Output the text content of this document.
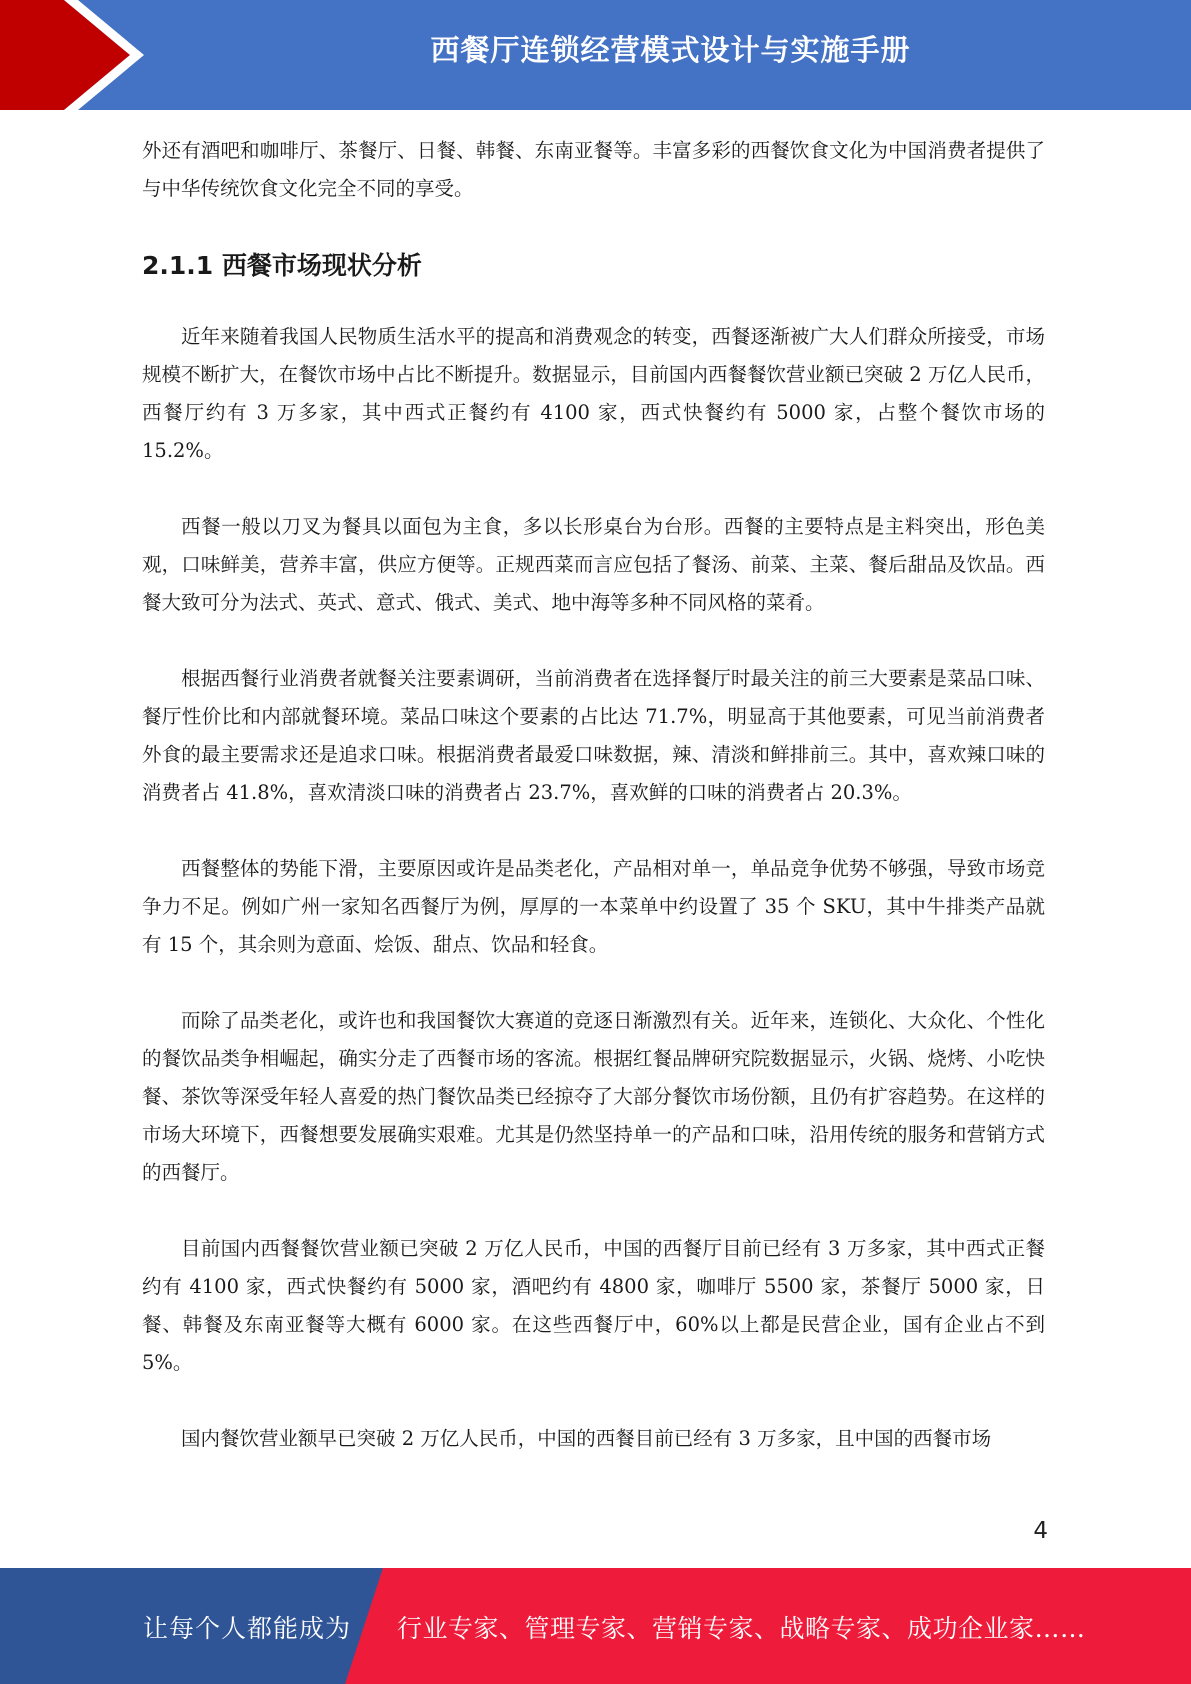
西餐厅连锁经营模式设计与实施手册

外还有酒吧和咖啡厅、茶餐厅、日餐、韩餐、东南亚餐等。丰富多彩的西餐饮食文化为中国消费者提供了与中华传统饮食文化完全不同的享受。

2.1.1 西餐市场现状分析

近年来随着我国人民物质生活水平的提高和消费观念的转变，西餐逐渐被广大人们群众所接受，市场规模不断扩大，在餐饮市场中占比不断提升。数据显示，目前国内西餐餐饮营业额已突破 2 万亿人民币，西餐厅约有 3 万多家，其中西式正餐约有 4100 家，西式快餐约有 5000 家，占整个餐饮市场的 15.2%。

西餐一般以刀叉为餐具以面包为主食，多以长形桌台为台形。西餐的主要特点是主料突出，形色美观，口味鲜美，营养丰富，供应方便等。正规西菜而言应包括了餐汤、前菜、主菜、餐后甜品及饮品。西餐大致可分为法式、英式、意式、俄式、美式、地中海等多种不同风格的菜肴。

根据西餐行业消费者就餐关注要素调研，当前消费者在选择餐厅时最关注的前三大要素是菜品口味、餐厅性价比和内部就餐环境。菜品口味这个要素的占比达 71.7%，明显高于其他要素，可见当前消费者外食的最主要需求还是追求口味。根据消费者最爱口味数据，辣、清淡和鲜排前三。其中，喜欢辣口味的消费者占 41.8%，喜欢清淡口味的消费者占 23.7%，喜欢鲜的口味的消费者占 20.3%。

西餐整体的势能下滑，主要原因或许是品类老化，产品相对单一，单品竞争优势不够强，导致市场竞争力不足。例如广州一家知名西餐厅为例，厚厚的一本菜单中约设置了 35 个 SKU，其中牛排类产品就有 15 个，其余则为意面、烩饭、甜点、饮品和轻食。

而除了品类老化，或许也和我国餐饮大赛道的竞逐日渐激烈有关。近年来，连锁化、大众化、个性化的餐饮品类争相崛起，确实分走了西餐市场的客流。根据红餐品牌研究院数据显示，火锅、烧烤、小吃快餐、茶饮等深受年轻人喜爱的热门餐饮品类已经掠夺了大部分餐饮市场份额，且仍有扩容趋势。在这样的市场大环境下，西餐想要发展确实艰难。尤其是仍然坚持单一的产品和口味，沿用传统的服务和营销方式的西餐厅。

目前国内西餐餐饮营业额已突破 2 万亿人民币，中国的西餐厅目前已经有 3 万多家，其中西式正餐约有 4100 家，西式快餐约有 5000 家，酒吧约有 4800 家，咖啡厅 5500 家，茶餐厅 5000 家，日餐、韩餐及东南亚餐等大概有 6000 家。在这些西餐厅中，60%以上都是民营企业，国有企业占不到 5%。

国内餐饮营业额早已突破 2 万亿人民币，中国的西餐目前已经有 3 万多家，且中国的西餐市场

4
让每个人都能成为 行业专家、管理专家、营销专家、战略专家、成功企业家……
